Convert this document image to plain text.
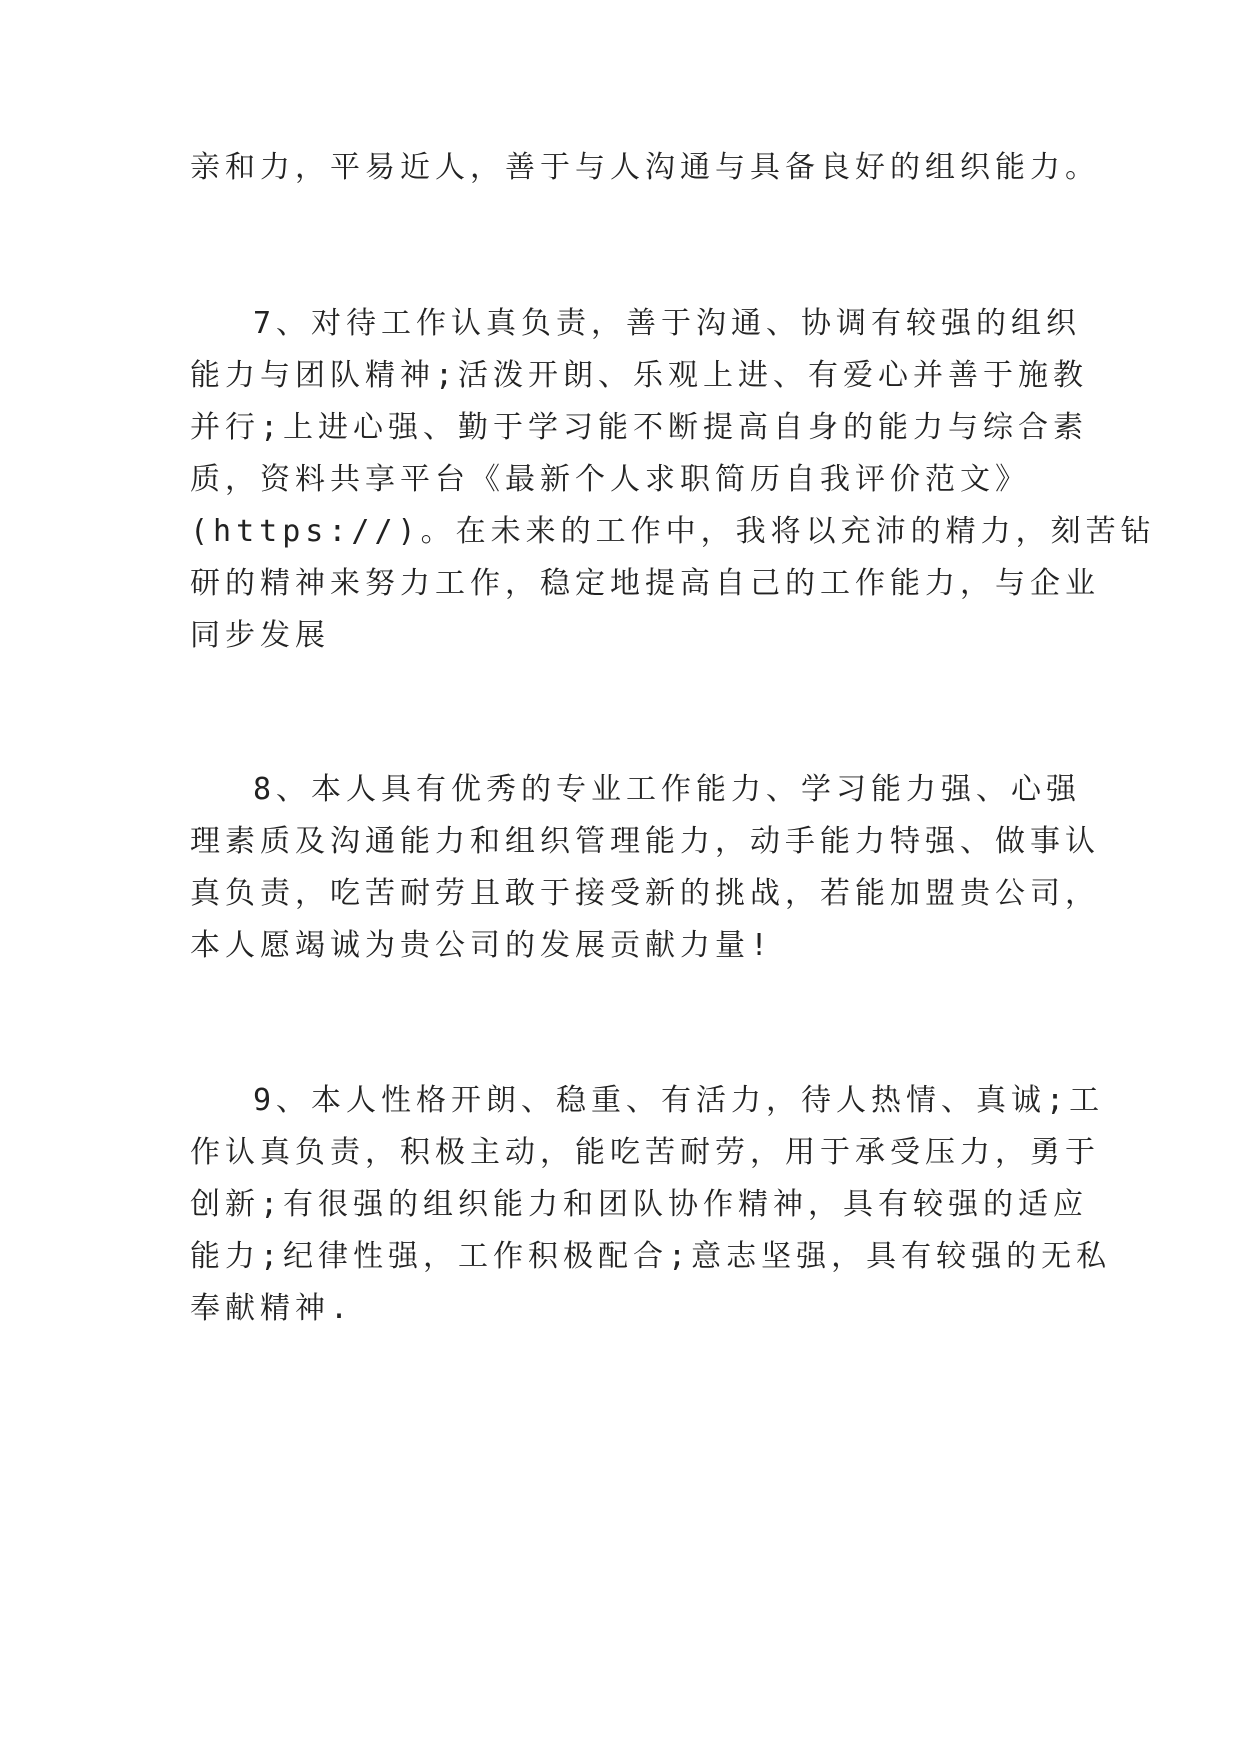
亲和力，平易近人，善于与人沟通与具备良好的组织能力。
7、对待工作认真负责，善于沟通、协调有较强的组织
能力与团队精神;活泼开朗、乐观上进、有爱心并善于施教
并行;上进心强、勤于学习能不断提高自身的能力与综合素
质，资料共享平台《最新个人求职简历自我评价范文》
(https://)。在未来的工作中，我将以充沛的精力，刻苦钻
研的精神来努力工作，稳定地提高自己的工作能力，与企业
同步发展
8、本人具有优秀的专业工作能力、学习能力强、心强
理素质及沟通能力和组织管理能力，动手能力特强、做事认
真负责，吃苦耐劳且敢于接受新的挑战，若能加盟贵公司，
本人愿竭诚为贵公司的发展贡献力量!
9、本人性格开朗、稳重、有活力，待人热情、真诚;工
作认真负责，积极主动，能吃苦耐劳，用于承受压力，勇于
创新;有很强的组织能力和团队协作精神，具有较强的适应
能力;纪律性强，工作积极配合;意志坚强，具有较强的无私
奉献精神.
